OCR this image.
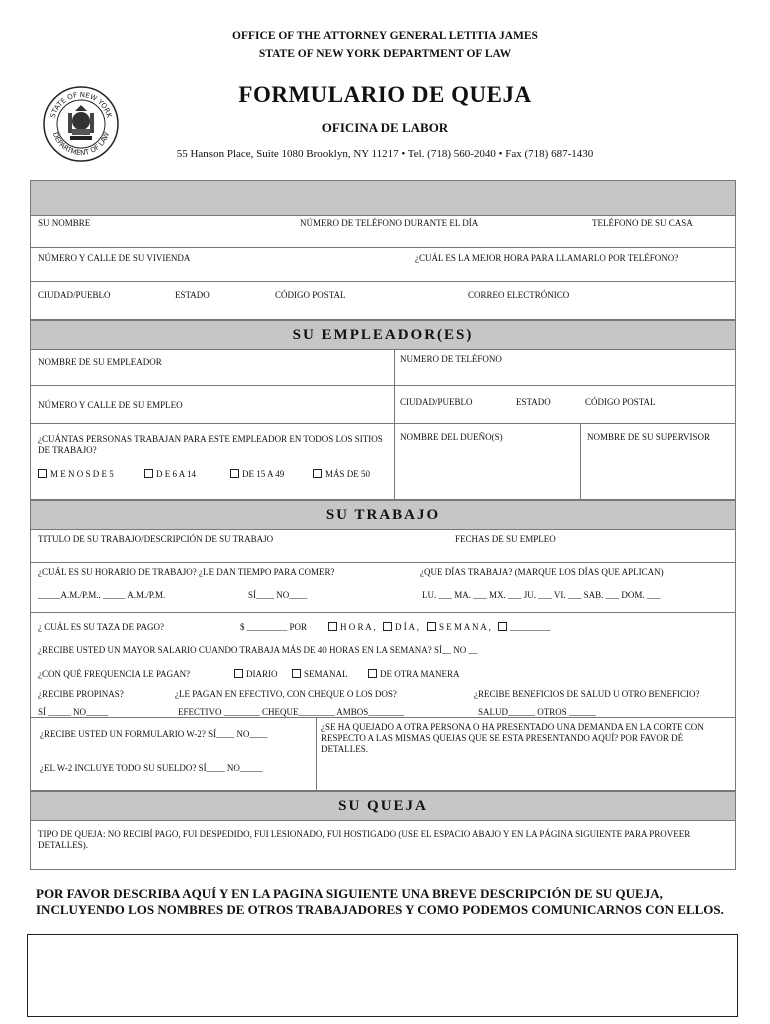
OFFICE OF THE ATTORNEY GENERAL LETITIA JAMES
STATE OF NEW YORK DEPARTMENT OF LAW
FORMULARIO DE QUEJA
OFICINA DE LABOR
55 Hanson Place, Suite 1080 Brooklyn, NY 11217 • Tel. (718) 560-2040 • Fax (718) 687-1430
STATE OF NEW YORK
DEPARTMENT OF LAW
SU NOMBRE	NÚMERO DE TELÉFONO DURANTE EL DÍA	TELÉFONO DE SU CASA
NÚMERO Y CALLE DE SU VIVIENDA	¿CUÁL ES LA MEJOR HORA PARA LLAMARLO POR TELÉFONO?
CIUDAD/PUEBLO	ESTADO	CÓDIGO POSTAL	CORREO ELECTRÓNICO
SU EMPLEADOR(ES)
NOMBRE DE SU EMPLEADOR	NUMERO DE TELÉFONO
NÚMERO Y CALLE DE SU EMPLEO	CIUDAD/PUEBLO	ESTADO	CÓDIGO POSTAL
¿CUÁNTAS PERSONAS TRABAJAN PARA ESTE EMPLEADOR EN TODOS LOS SITIOS DE TRABAJO?
M E N O S D E 5	D E 6 A 14	DE 15 A 49	MÁS DE 50
NOMBRE DEL DUEÑO(S)	NOMBRE DE SU SUPERVISOR
SU TRABAJO
TITULO DE SU TRABAJO/DESCRIPCIÓN DE SU TRABAJO	FECHAS DE SU EMPLEO
¿CUÁL ES SU HORARIO DE TRABAJO? ¿LE DAN TIEMPO PARA COMER?	¿QUE DÍAS TRABAJA? (MARQUE LOS DÍAS QUE APLICAN)
_____A.M./P.M.. _____ A.M./P.M.	SÍ____ NO____	LU. ___ MA. ___ MX. ___ JU. ___ VI. ___ SAB. ___ DOM. ___
¿ CUÁL ES SU TAZA DE PAGO?	$ _________ POR	H O R A ,	D Í A ,	S E M A N A ,	_________
¿RECIBE USTED UN MAYOR SALARIO CUANDO TRABAJA MÁS DE 40 HORAS EN LA SEMANA? SÍ__ NO __
¿CON QUÉ FREQUENCIA LE PAGAN?	DIARIO	SEMANAL	DE OTRA MANERA
¿RECIBE PROPINAS?	¿LE PAGAN EN EFECTIVO, CON CHEQUE O LOS DOS?	¿RECIBE BENEFICIOS DE SALUD U OTRO BENEFICIO?
SÍ _____ NO_____	EFECTIVO ________ CHEQUE________ AMBOS________	SALUD______ OTROS ______
¿RECIBE USTED UN FORMULARIO W-2? SÍ____ NO____
¿EL W-2 INCLUYE TODO SU SUELDO? SÍ____ NO_____
¿SE HA QUEJADO A OTRA PERSONA O HA PRESENTADO UNA DEMANDA EN LA CORTE CON RESPECTO A LAS MISMAS QUEJAS QUE SE ESTA PRESENTANDO AQUÍ? POR FAVOR DÉ DETALLES.
SU QUEJA
TIPO DE QUEJA: NO RECIBÍ PAGO, FUI DESPEDIDO, FUI LESIONADO, FUI HOSTIGADO (USE EL ESPACIO ABAJO Y EN LA PÁGINA SIGUIENTE PARA PROVEER DETALLES).
POR FAVOR DESCRIBA AQUÍ Y EN LA PAGINA SIGUIENTE UNA BREVE DESCRIPCIÓN DE SU QUEJA, INCLUYENDO LOS NOMBRES DE OTROS TRABAJADORES Y COMO PODEMOS COMUNICARNOS CON ELLOS.
